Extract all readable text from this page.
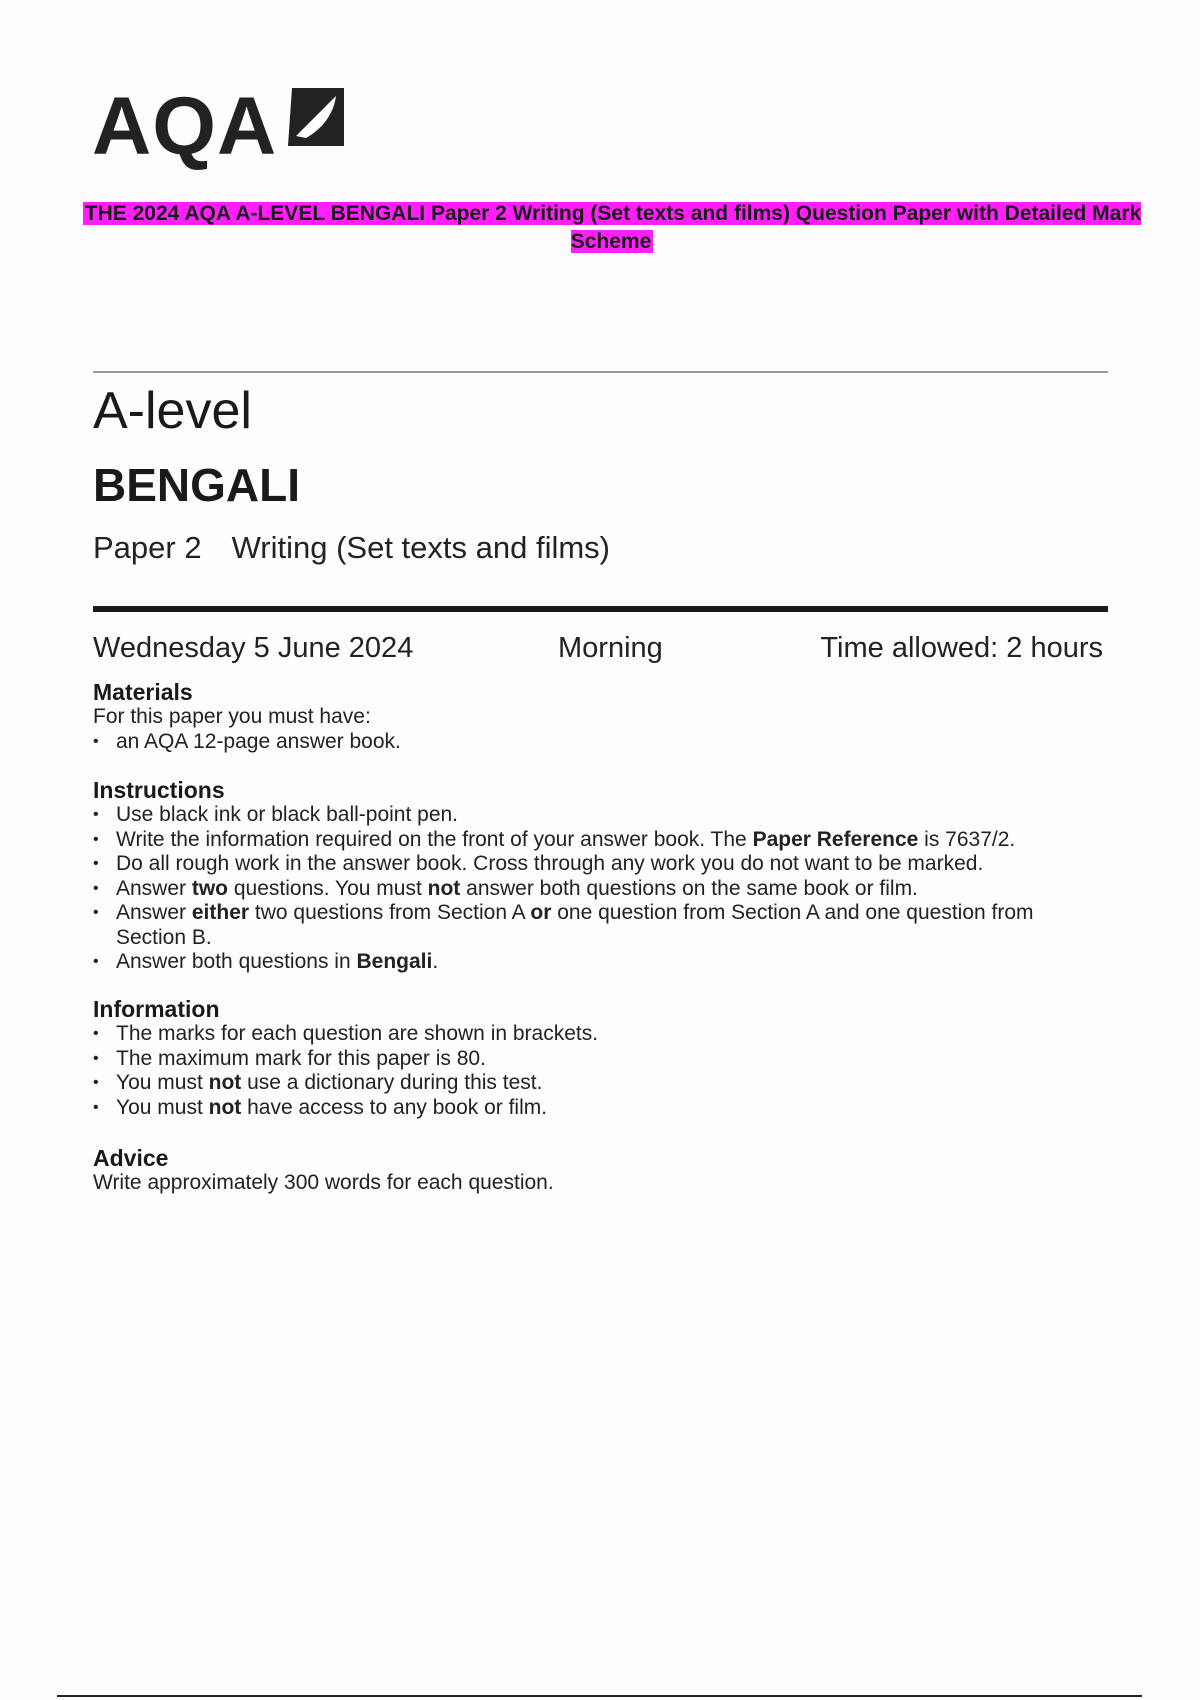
AQA
THE 2024 AQA A-LEVEL BENGALI Paper 2 Writing (Set texts and films) Question Paper with Detailed Mark Scheme
A-level
BENGALI
Paper 2 Writing (Set texts and films)
Wednesday 5 June 2024	Morning	Time allowed: 2 hours

Materials

For this paper you must have:

• an AQA 12-page answer book.

Instructions

• Use black ink or black ball-point pen.
• Write the information required on the front of your answer book. The Paper Reference is 7637/2.
• Do all rough work in the answer book. Cross through any work you do not want to be marked.
• Answer two questions. You must not answer both questions on the same book or film.
• Answer either two questions from Section A or one question from Section A and one question from Section B.
• Answer both questions in Bengali.

Information

• The marks for each question are shown in brackets.
• The maximum mark for this paper is 80.
• You must not use a dictionary during this test.
• You must not have access to any book or film.

Advice

Write approximately 300 words for each question.
